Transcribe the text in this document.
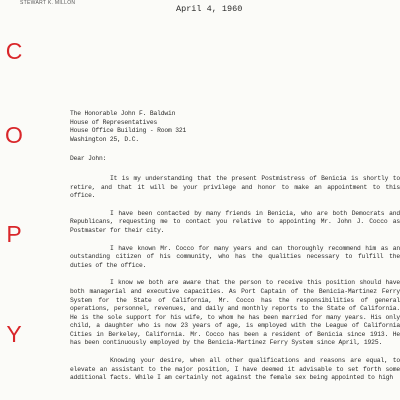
STEWART K. MILLON
C
O
P
Y
April 4, 1960

The Honorable John F. Baldwin

House of Representatives

House Office Building - Room 321

Washington 25, D.C.

Dear John:

It is my understanding that the present Postmistress of Benicia is shortly to retire, and that it will be your privilege and honor to make an appointment to this office.

I have been contacted by many friends in Benicia, who are both Democrats and Republicans, requesting me to contact you relative to appointing Mr. John J. Cocco as Postmaster for their city.

I have known Mr. Cocco for many years and can thoroughly recommend him as an outstanding citizen of his community, who has the qualities necessary to fulfill the duties of the office.

I know we both are aware that the person to receive this position should have both managerial and executive capacities. As Port Captain of the Benicia-Martinez Ferry System for the State of California, Mr. Cocco has the responsibilities of general operations, personnel, revenues, and daily and monthly reports to the State of California. He is the sole support for his wife, to whom he has been married for many years. His only child, a daughter who is now 23 years of age, is employed with the League of California Cities in Berkeley, California. Mr. Cocco has been a resident of Benicia since 1913. He has been continuously employed by the Benicia-Martinez Ferry System since April, 1925.

Knowing your desire, when all other qualifications and reasons are equal, to elevate an assistant to the major position, I have deemed it advisable to set forth some additional facts. While I am certainly not against the female sex being appointed to high
